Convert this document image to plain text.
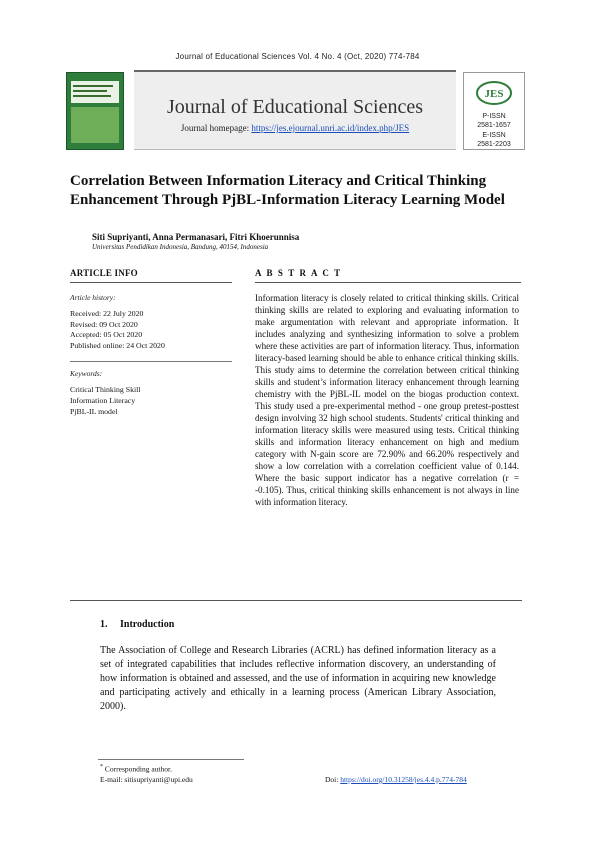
Journal of Educational Sciences Vol. 4 No. 4 (Oct, 2020) 774-784
Journal of Educational Sciences
Journal homepage: https://jes.ejournal.unri.ac.id/index.php/JES
JES
P-ISSN
2581-1657
E-ISSN
2581-2203
Correlation Between Information Literacy and Critical Thinking Enhancement Through PjBL-Information Literacy Learning Model
Siti Supriyanti, Anna Permanasari, Fitri Khoerunnisa
Universitas Pendidikan Indonesia, Bandung, 40154, Indonesia
ARTICLE INFO
Article history:
Received: 22 July 2020
Revised: 09 Oct 2020
Accepted: 05 Oct 2020
Published online: 24 Oct 2020
Keywords:
Critical Thinking Skill
Information Literacy
PjBL-IL model
A B S T R A C T
Information literacy is closely related to critical thinking skills. Critical thinking skills are related to exploring and evaluating information to make argumentation with relevant and appropriate information. It includes analyzing and synthesizing information to solve a problem where these activities are part of information literacy. Thus, information literacy-based learning should be able to enhance critical thinking skills. This study aims to determine the correlation between critical thinking skills and student’s information literacy enhancement through learning chemistry with the PjBL-IL model on the biogas production context. This study used a pre-experimental method - one group pretest-posttest design involving 32 high school students. Students' critical thinking and information literacy skills were measured using tests. Critical thinking skills and information literacy enhancement on high and medium category with N-gain score are 72.90% and 66.20% respectively and show a low correlation with a correlation coefficient value of 0.144. Where the basic support indicator has a negative correlation (r = -0.105). Thus, critical thinking skills enhancement is not always in line with information literacy.
1. Introduction
The Association of College and Research Libraries (ACRL) has defined information literacy as a set of integrated capabilities that includes reflective information discovery, an understanding of how information is obtained and assessed, and the use of information in acquiring new knowledge and participating actively and ethically in a learning process (American Library Association, 2000).
* Corresponding author.
E-mail: sitisupriyanti@upi.edu	Doi: https://doi.org/10.31258/jes.4.4.p.774-784
